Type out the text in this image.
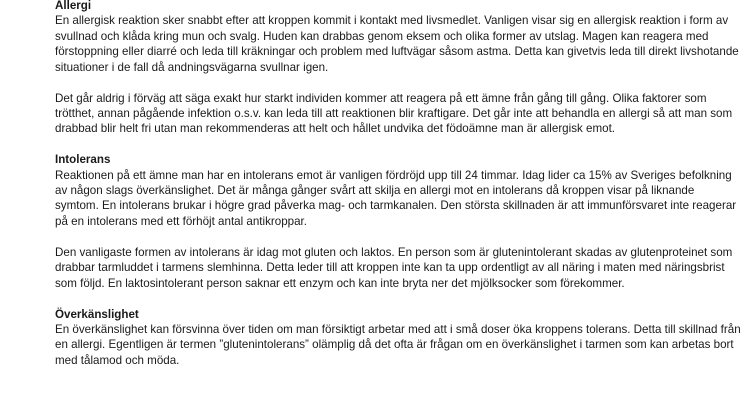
Allergi
En allergisk reaktion sker snabbt efter att kroppen kommit i kontakt med livsmedlet. Vanligen visar sig en allergisk reaktion i form av svullnad och klåda kring mun och svalg. Huden kan drabbas genom eksem och olika former av utslag. Magen kan reagera med förstoppning eller diarré och leda till kräkningar och problem med luftvägar såsom astma. Detta kan givetvis leda till direkt livshotande situationer i de fall då andningsvägarna svullnar igen.
Det går aldrig i förväg att säga exakt hur starkt individen kommer att reagera på ett ämne från gång till gång. Olika faktorer som trötthet, annan pågående infektion o.s.v. kan leda till att reaktionen blir kraftigare. Det går inte att behandla en allergi så att man som drabbad blir helt fri utan man rekommenderas att helt och hållet undvika det födoämne man är allergisk emot.
Intolerans
Reaktionen på ett ämne man har en intolerans emot är vanligen fördröjd upp till 24 timmar. Idag lider ca 15% av Sveriges befolkning av någon slags överkänslighet. Det är många gånger svårt att skilja en allergi mot en intolerans då kroppen visar på liknande symtom. En intolerans brukar i högre grad påverka mag- och tarmkanalen. Den största skillnaden är att immunförsvaret inte reagerar på en intolerans med ett förhöjt antal antikroppar.
Den vanligaste formen av intolerans är idag mot gluten och laktos. En person som är glutenintolerant skadas av glutenproteinet som drabbar tarmluddet i tarmens slemhinna. Detta leder till att kroppen inte kan ta upp ordentligt av all näring i maten med näringsbrist som följd. En laktosintolerant person saknar ett enzym och kan inte bryta ner det mjölksocker som förekommer.
Överkänslighet
En överkänslighet kan försvinna över tiden om man försiktigt arbetar med att i små doser öka kroppens tolerans. Detta till skillnad från en allergi. Egentligen är termen ”glutenintolerans” olämplig då det ofta är frågan om en överkänslighet i tarmen som kan arbetas bort med tålamod och möda.
